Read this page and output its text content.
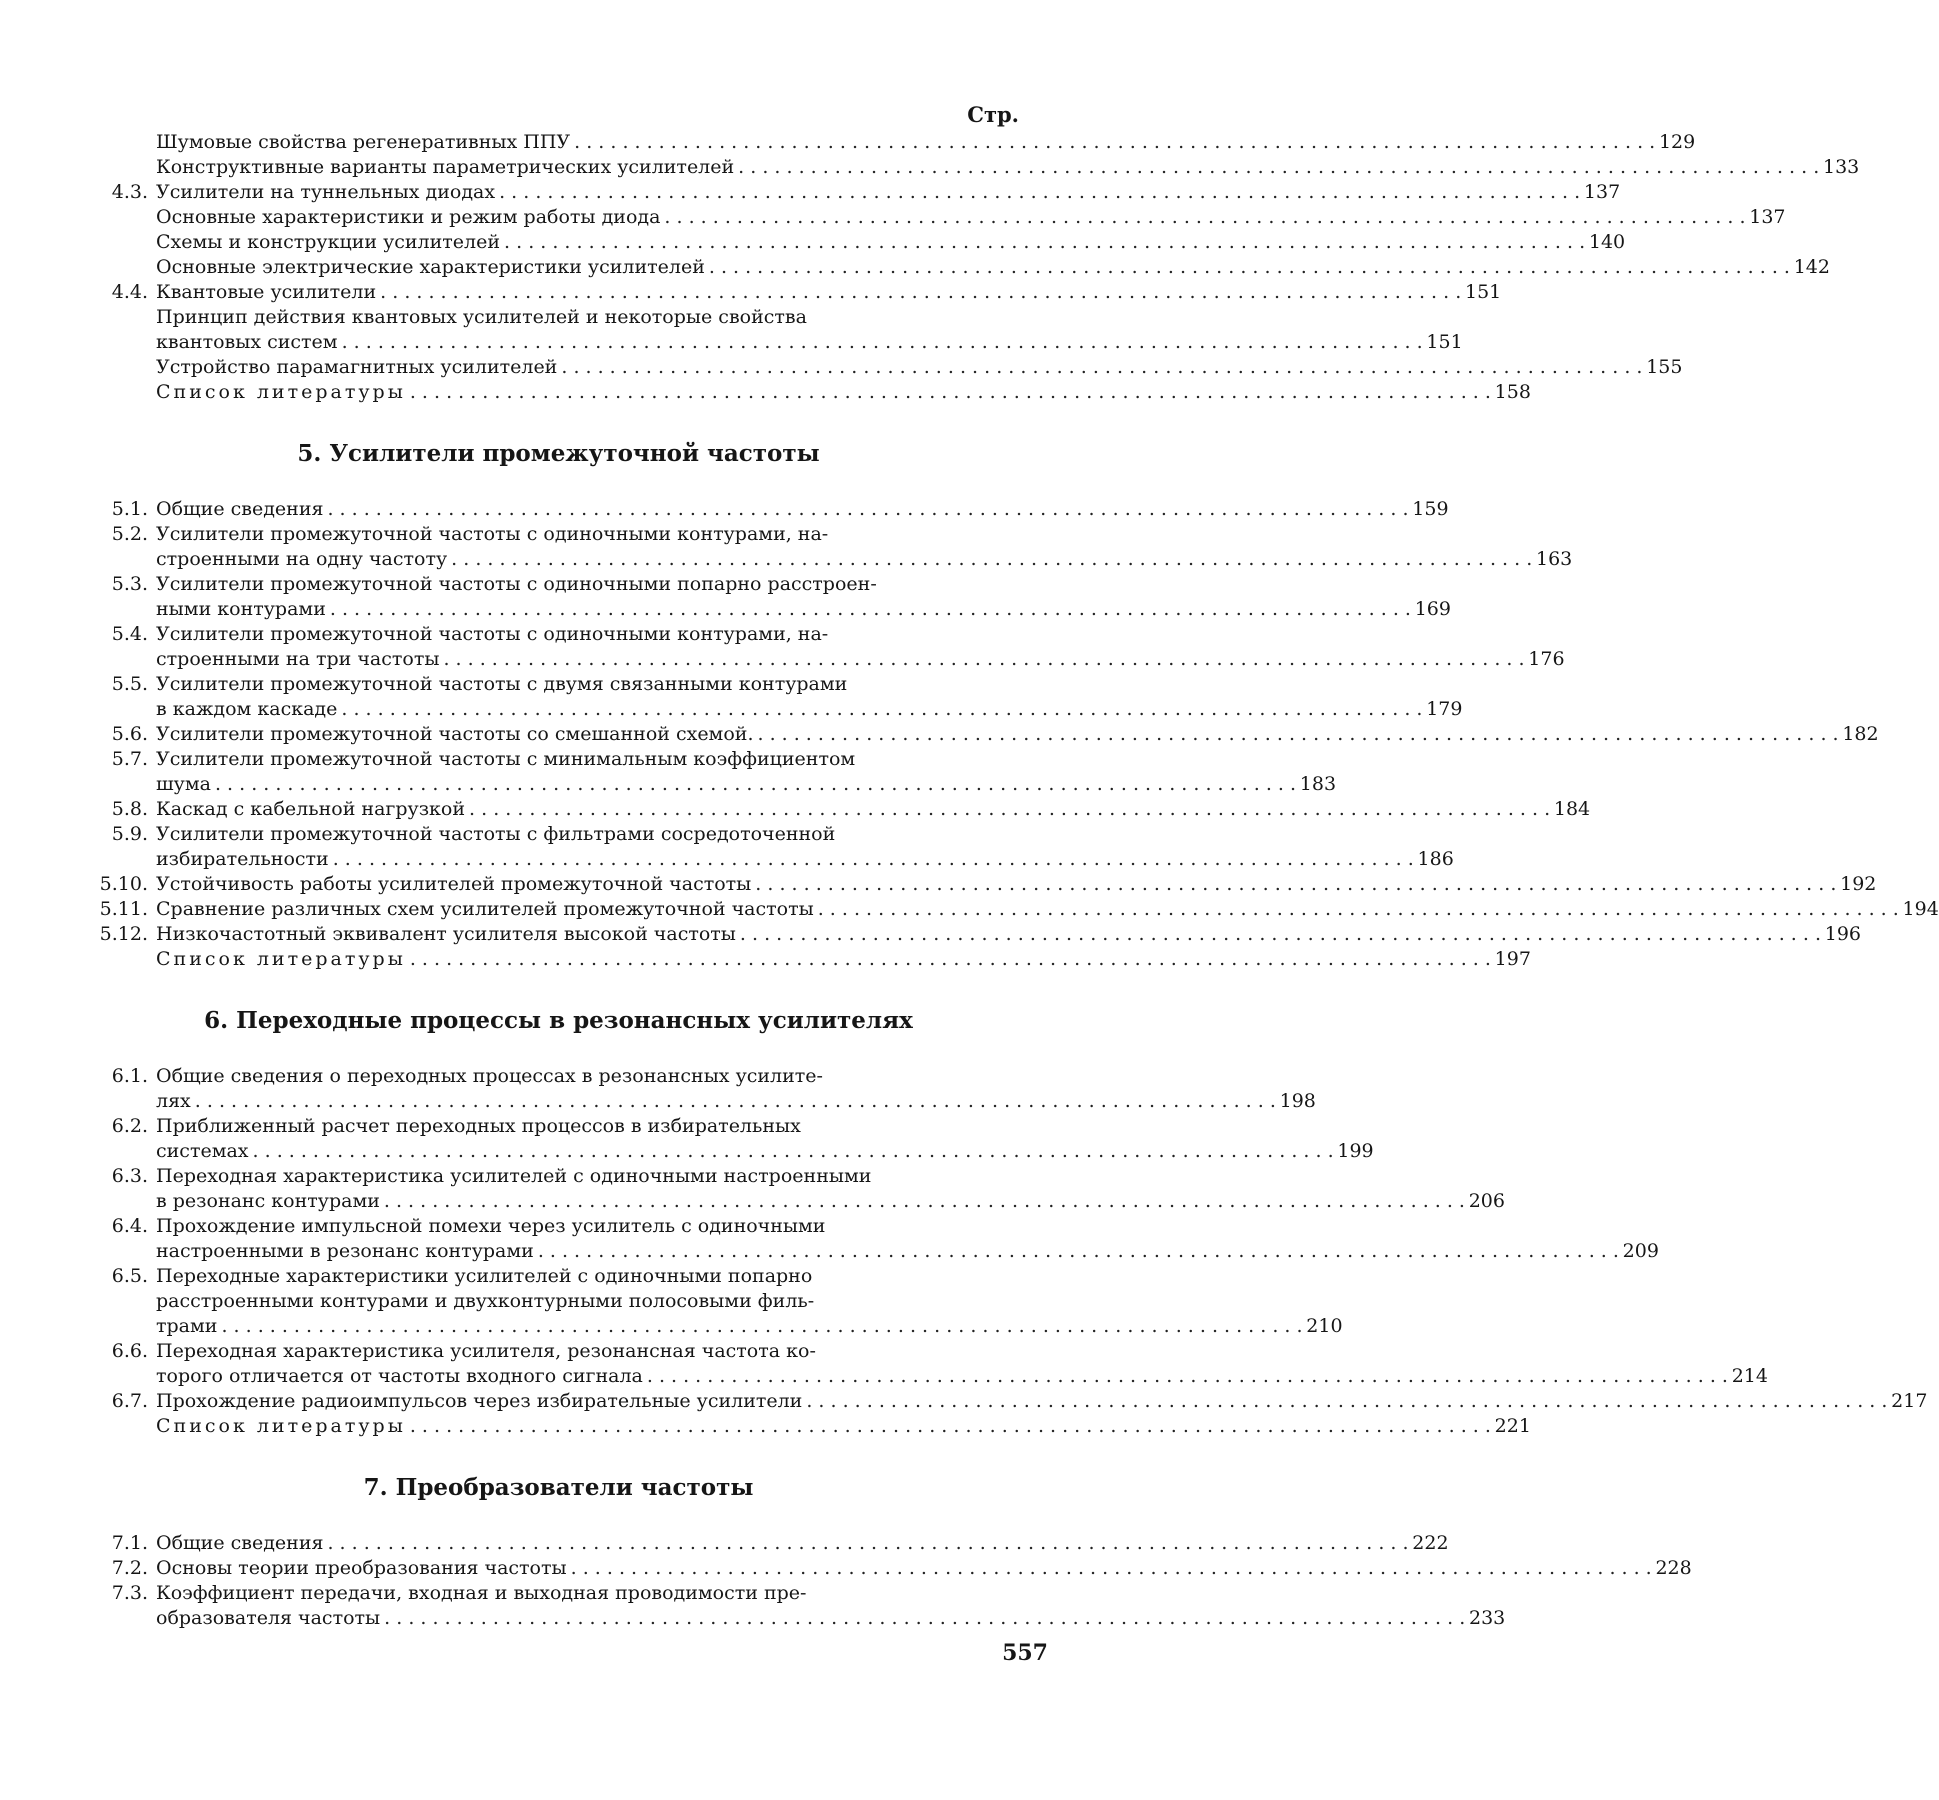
Стр.
Шумовые свойства регенеративных ППУ . . .	129
Конструктивные варианты параметрических усилителей . . .	133
4.3. Усилители на туннельных диодах . . .	137
Основные характеристики и режим работы диода . . .	137
Схемы и конструкции усилителей . . .	140
Основные электрические характеристики усилителей . . .	142
4.4. Квантовые усилители . . .	151
Принцип действия квантовых усилителей и некоторые свойства
квантовых систем . . .	151
Устройство парамагнитных усилителей . . .	155
Список литературы . . .	158
5. Усилители промежуточной частоты
5.1. Общие сведения . . .	159
5.2. Усилители промежуточной частоты с одиночными контурами, на-
строенными на одну частоту . . .	163
5.3. Усилители промежуточной частоты с одиночными попарно расстроен-
ными контурами . . .	169
5.4. Усилители промежуточной частоты с одиночными контурами, на-
строенными на три частоты . . .	176
5.5. Усилители промежуточной частоты с двумя связанными контурами
в каждом каскаде . . .	179
5.6. Усилители промежуточной частоты со смешанной схемой. . . .	182
5.7. Усилители промежуточной частоты с минимальным коэффициентом
шума . . .	183
5.8. Каскад с кабельной нагрузкой . . .	184
5.9. Усилители промежуточной частоты с фильтрами сосредоточенной
избирательности . . .	186
5.10. Устойчивость работы усилителей промежуточной частоты . . .	192
5.11. Сравнение различных схем усилителей промежуточной частоты . . .	194
5.12. Низкочастотный эквивалент усилителя высокой частоты . . .	196
Список литературы . . .	197
6. Переходные процессы в резонансных усилителях
6.1. Общие сведения о переходных процессах в резонансных усилите-
лях . . .	198
6.2. Приближенный расчет переходных процессов в избирательных
системах . . .	199
6.3. Переходная характеристика усилителей с одиночными настроенными
в резонанс контурами . . .	206
6.4. Прохождение импульсной помехи через усилитель с одиночными
настроенными в резонанс контурами . . .	209
6.5. Переходные характеристики усилителей с одиночными попарно
расстроенными контурами и двухконтурными полосовыми филь-
трами . . .	210
6.6. Переходная характеристика усилителя, резонансная частота ко-
торого отличается от частоты входного сигнала . . .	214
6.7. Прохождение радиоимпульсов через избирательные усилители . . .	217
Список литературы . . .	221
7. Преобразователи частоты
7.1. Общие сведения . . .	222
7.2. Основы теории преобразования частоты . . .	228
7.3. Коэффициент передачи, входная и выходная проводимости пре-
образователя частоты . . .	233
557
